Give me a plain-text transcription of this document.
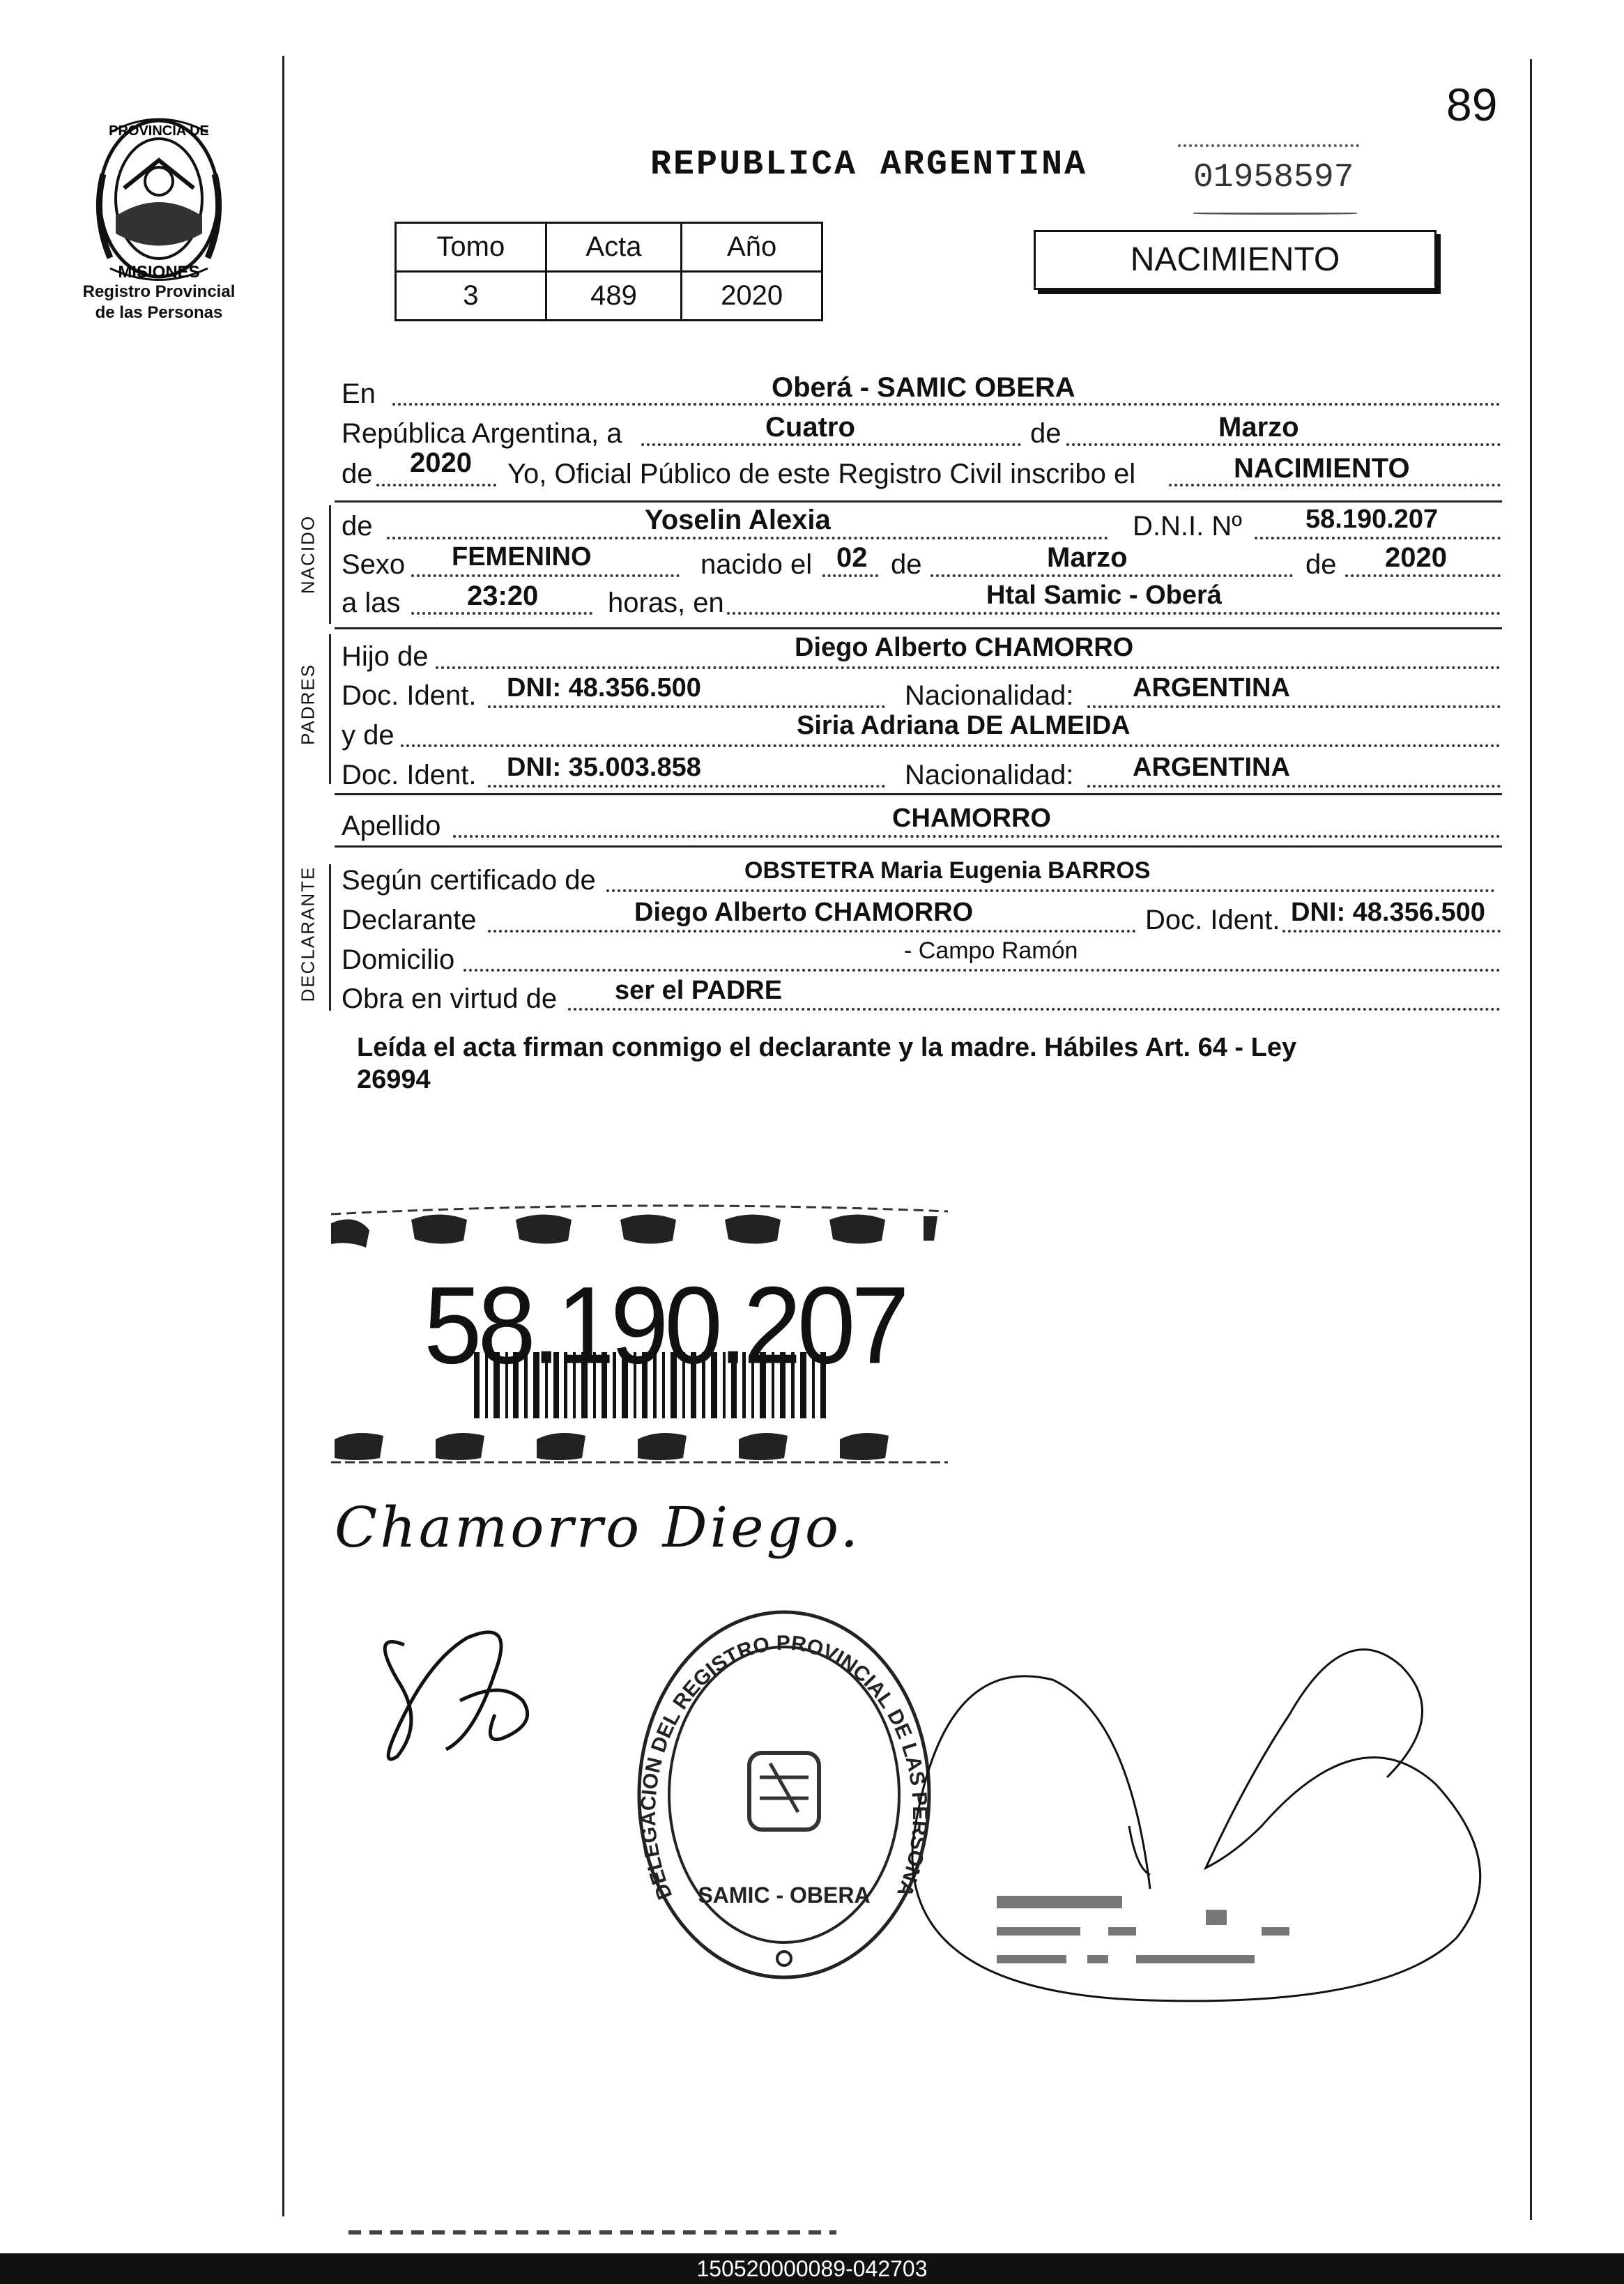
89
PROVINCIA DE
MISIONES
Registro Provincial
de las Personas
REPUBLICA ARGENTINA	01958597
Tomo	Acta	Año
3	489	2020
NACIMIENTO
En	Oberá - SAMIC OBERA
República Argentina, a	Cuatro	de	Marzo
de 2020 Yo, Oficial Público de este Registro Civil inscribo el	NACIMIENTO
NACIDO de	Yoselin Alexia	D.N.I. Nº 58.190.207
Sexo FEMENINO	nacido el 02 de	Marzo	de 2020
a las 23:20 horas, en	Htal Samic - Oberá
PADRES
Hijo de	Diego Alberto CHAMORRO
Doc. Ident. DNI: 48.356.500	Nacionalidad: ARGENTINA
y de	Siria Adriana DE ALMEIDA
Doc. Ident. DNI: 35.003.858	Nacionalidad: ARGENTINA
Apellido	CHAMORRO
DECLARANTE Según certificado de	OBSTETRA Maria Eugenia BARROS
Declarante	Diego Alberto CHAMORRO	Doc. Ident. DNI: 48.356.500
Domicilio	- Campo Ramón
Obra en virtud de ser el PADRE
Leída el acta firman conmigo el declarante y la madre. Hábiles Art. 64 - Ley
26994
58.190.207
Chamorro Diego.
DELEGACION DEL REGISTRO PROVINCIAL DE LAS PERSONA
SAMIC - OBERA
150520000089-042703
